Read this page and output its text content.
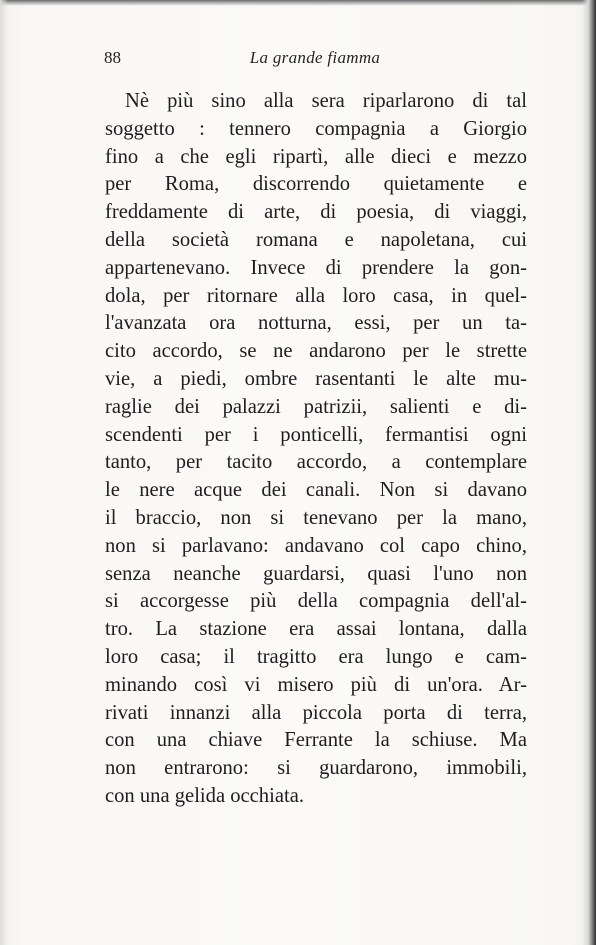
88	La grande fiamma

Nè più sino alla sera riparlarono di tal
soggetto : tennero compagnia a Giorgio
fino a che egli ripartì, alle dieci e mezzo
per Roma, discorrendo quietamente e
freddamente di arte, di poesia, di viaggi,
della società romana e napoletana, cui
appartenevano. Invece di prendere la gon-
dola, per ritornare alla loro casa, in quel-
l'avanzata ora notturna, essi, per un ta-
cito accordo, se ne andarono per le strette
vie, a piedi, ombre rasentanti le alte mu-
raglie dei palazzi patrizii, salienti e di-
scendenti per i ponticelli, fermantisi ogni
tanto, per tacito accordo, a contemplare
le nere acque dei canali. Non si davano
il braccio, non si tenevano per la mano,
non si parlavano: andavano col capo chino,
senza neanche guardarsi, quasi l'uno non
si accorgesse più della compagnia dell'al-
tro. La stazione era assai lontana, dalla
loro casa; il tragitto era lungo e cam-
minando così vi misero più di un'ora. Ar-
rivati innanzi alla piccola porta di terra,
con una chiave Ferrante la schiuse. Ma
non entrarono: si guardarono, immobili,
con una gelida occhiata.
